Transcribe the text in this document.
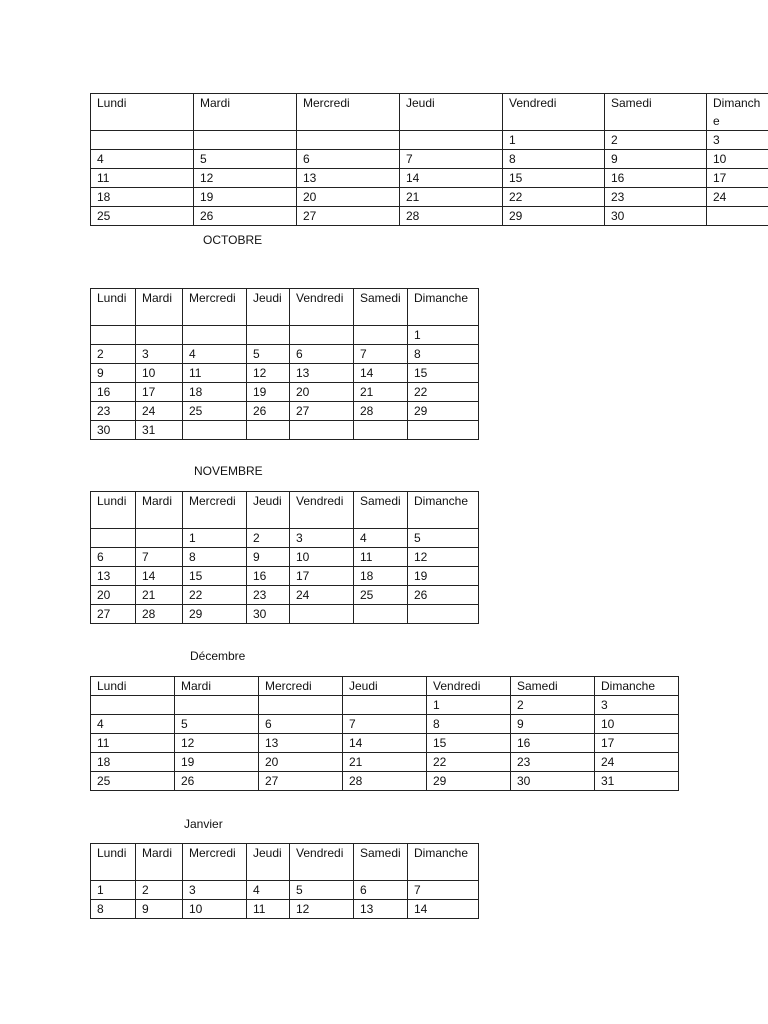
Lundi	Mardi	Mercredi	Jeudi	Vendredi	Samedi	Dimanche
				1	2	3
4	5	6	7	8	9	10
11	12	13	14	15	16	17
18	19	20	21	22	23	24
25	26	27	28	29	30	
OCTOBRE
Lundi	Mardi	Mercredi	Jeudi	Vendredi	Samedi	Dimanche
						1
2	3	4	5	6	7	8
9	10	11	12	13	14	15
16	17	18	19	20	21	22
23	24	25	26	27	28	29
30	31					
NOVEMBRE
Lundi	Mardi	Mercredi	Jeudi	Vendredi	Samedi	Dimanche
		1	2	3	4	5
6	7	8	9	10	11	12
13	14	15	16	17	18	19
20	21	22	23	24	25	26
27	28	29	30			
Décembre
Lundi	Mardi	Mercredi	Jeudi	Vendredi	Samedi	Dimanche
				1	2	3
4	5	6	7	8	9	10
11	12	13	14	15	16	17
18	19	20	21	22	23	24
25	26	27	28	29	30	31
Janvier
Lundi	Mardi	Mercredi	Jeudi	Vendredi	Samedi	Dimanche
1	2	3	4	5	6	7
8	9	10	11	12	13	14
